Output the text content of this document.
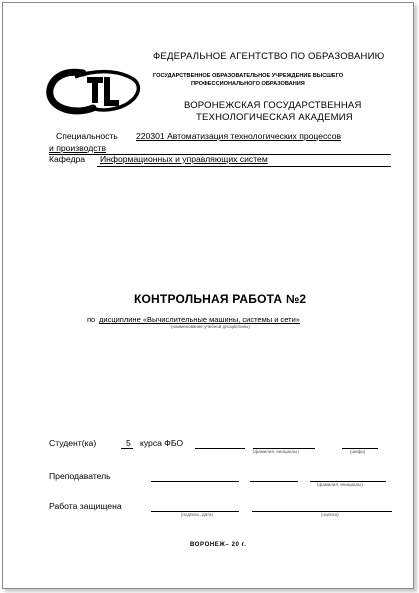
ФЕДЕРАЛЬНОЕ АГЕНТСТВО ПО ОБРАЗОВАНИЮ
ГОСУДАРСТВЕННОЕ ОБРАЗОВАТЕЛЬНОЕ УЧРЕЖДЕНИЕ ВЫСШЕГО
ПРОФЕССИОНАЛЬНОГО ОБРАЗОВАНИЯ
ВОРОНЕЖСКАЯ ГОСУДАРСТВЕННАЯ
ТЕХНОЛОГИЧЕСКАЯ АКАДЕМИЯ
Специальность 220301 Автоматизация технологических процессов
и производств
Кафедра Информационных и управляющих систем
КОНТРОЛЬНАЯ РАБОТА №2
по дисциплине «Вычислительные машины, системы и сети»
(наименование учебной дисциплины)
Студент(ка)	5 курса ФБО
(фамилия, инициалы)	(шифр)
Преподаватель
(фамилия, инициалы)
Работа защищена
(подпись, дата)	(оценка)
ВОРОНЕЖ– 20 г.
